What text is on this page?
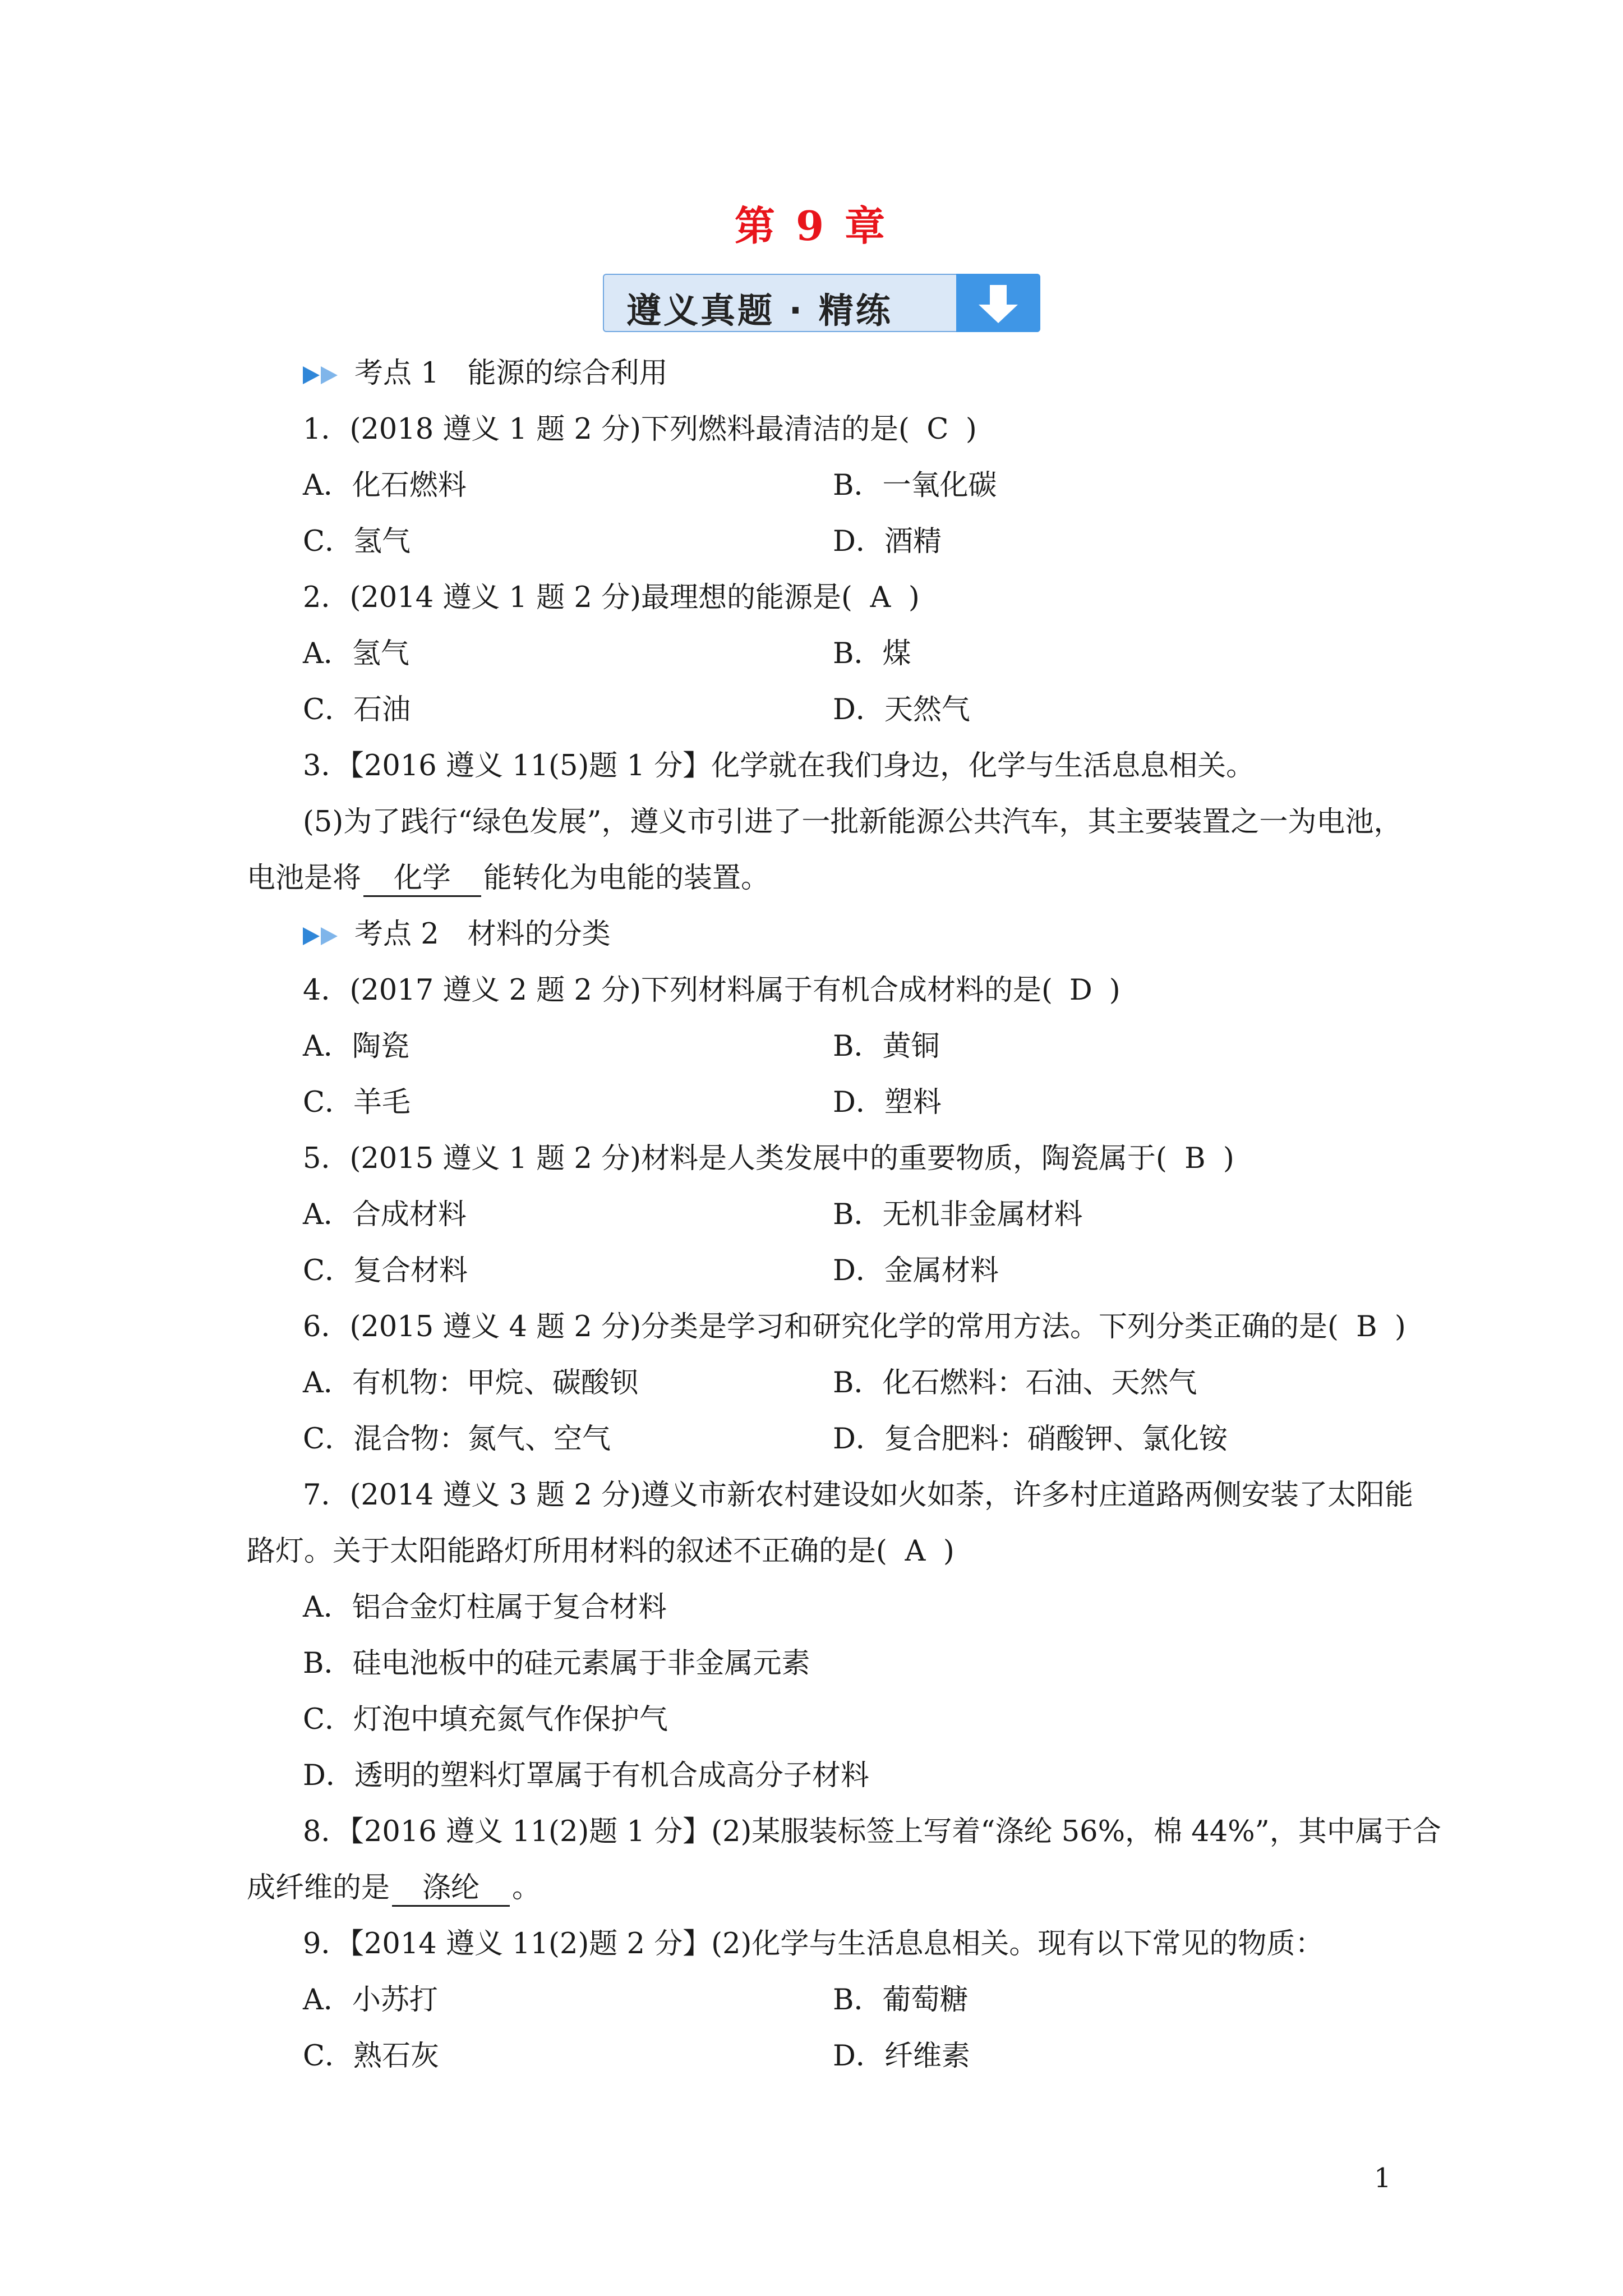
第 9 章
遵义真题 · 精练
考点 1　能源的综合利用
1．(2018 遵义 1 题 2 分)下列燃料最清洁的是( C )
A．化石燃料	B．一氧化碳
C．氢气	D．酒精
2．(2014 遵义 1 题 2 分)最理想的能源是( A )
A．氢气	B．煤
C．石油	D．天然气
3．【2016 遵义 11(5)题 1 分】化学就在我们身边，化学与生活息息相关。
(5)为了践行“绿色发展”，遵义市引进了一批新能源公共汽车，其主要装置之一为电池，
电池是将 化学 能转化为电能的装置。
考点 2　材料的分类
4．(2017 遵义 2 题 2 分)下列材料属于有机合成材料的是( D )
A．陶瓷	B．黄铜
C．羊毛	D．塑料
5．(2015 遵义 1 题 2 分)材料是人类发展中的重要物质，陶瓷属于( B )
A．合成材料	B．无机非金属材料
C．复合材料	D．金属材料
6．(2015 遵义 4 题 2 分)分类是学习和研究化学的常用方法。下列分类正确的是( B )
A．有机物：甲烷、碳酸钡	B．化石燃料：石油、天然气
C．混合物：氮气、空气	D．复合肥料：硝酸钾、氯化铵
7．(2014 遵义 3 题 2 分)遵义市新农村建设如火如荼，许多村庄道路两侧安装了太阳能
路灯。关于太阳能路灯所用材料的叙述不正确的是( A )
A．铝合金灯柱属于复合材料
B．硅电池板中的硅元素属于非金属元素
C．灯泡中填充氮气作保护气
D．透明的塑料灯罩属于有机合成高分子材料
8．【2016 遵义 11(2)题 1 分】(2)某服装标签上写着“涤纶 56%，棉 44%”，其中属于合
成纤维的是 涤纶 。
9．【2014 遵义 11(2)题 2 分】(2)化学与生活息息相关。现有以下常见的物质：
A．小苏打	B．葡萄糖
C．熟石灰	D．纤维素
1
